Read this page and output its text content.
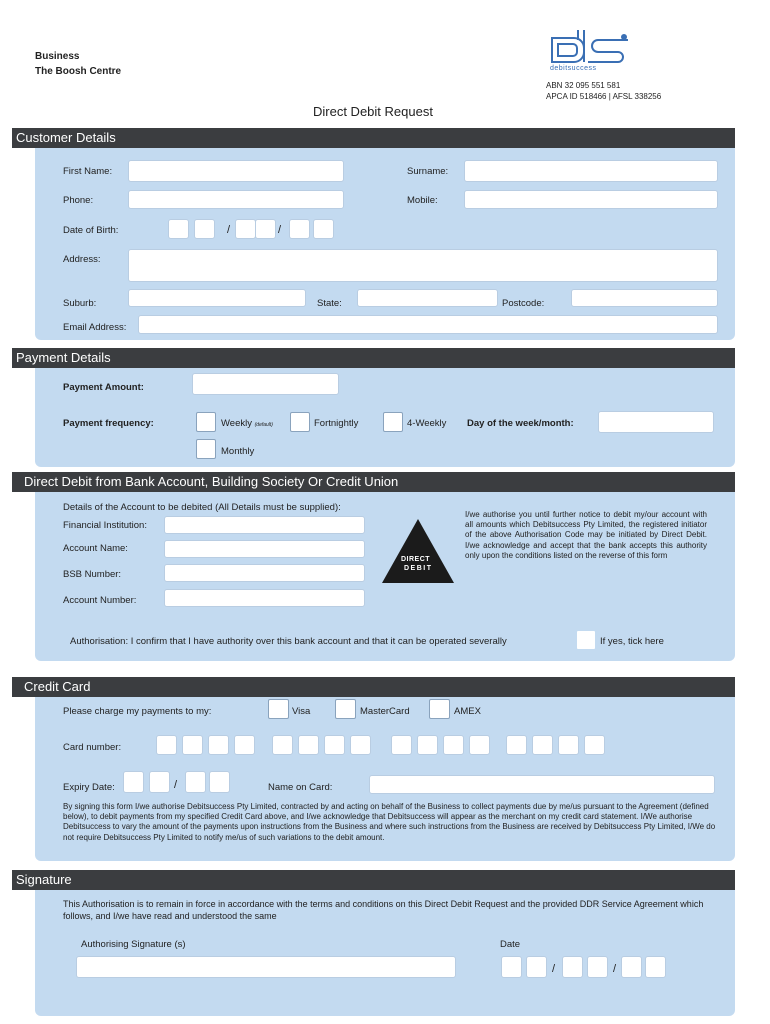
Business
The Boosh Centre	debitsuccess
ABN 32 095 551 581
APCA ID 518466 | AFSL 338256
Direct Debit Request
Customer Details
First Name:	Surname:
Phone:	Mobile:
Date of Birth:	/	/
Address:
Suburb:	State:	Postcode:
Email Address:
Payment Details
Payment Amount:
Payment frequency:	Weekly (default)	Fortnightly	4-Weekly Day of the week/month:
Monthly
Direct Debit from Bank Account, Building Society Or Credit Union
Details of the Account to be debited (All Details must be supplied):
Financial Institution:
Account Name:
BSB Number:
Account Number:
DIRECT
DEBIT
I/we authorise you until further notice to debit my/our account with all amounts which Debitsuccess Pty Limited, the registered initiator of the above Authorisation Code may be initiated by Direct Debit. I/we acknowledge and accept that the bank accepts this authority only upon the conditions listed on the reverse of this form
Authorisation: I confirm that I have authority over this bank account and that it can be operated severally	If yes, tick here
Credit Card
Please charge my payments to my:	Visa	MasterCard	AMEX
Card number:
Expiry Date:	/	Name on Card:
By signing this form I/we authorise Debitsuccess Pty Limited, contracted by and acting on behalf of the Business to collect payments due by me/us pursuant to the Agreement (defined below), to debit payments from my specified Credit Card above, and I/we acknowledge that Debitsuccess will appear as the merchant on my credit card statement. I/We authorise Debitsuccess to vary the amount of the payments upon instructions from the Business and where such instructions from the Business are received by Debitsuccess Pty Limited, I/We do not require Debitsuccess Pty Limited to notify me/us of such variations to the debit amount.
Signature
This Authorisation is to remain in force in accordance with the terms and conditions on this Direct Debit Request and the provided DDR Service Agreement which follows, and I/we have read and understood the same
Authorising Signature (s)	Date
/	/
